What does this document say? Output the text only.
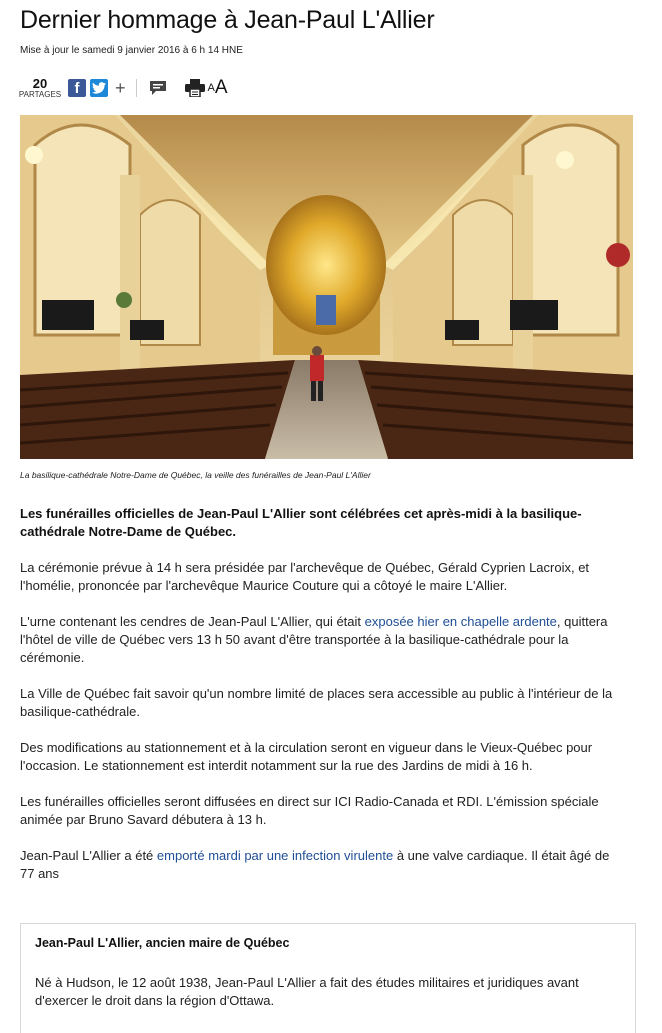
Dernier hommage à Jean-Paul L'Allier
Mise à jour le samedi 9 janvier 2016 à 6 h 14 HNE
20
PARTAGES f	+	A A
La basilique-cathédrale Notre-Dame de Québec, la veille des funérailles de Jean-Paul L'Allier

Les funérailles officielles de Jean-Paul L'Allier sont célébrées cet après-midi à la basilique-cathédrale Notre-Dame de Québec.

La cérémonie prévue à 14 h sera présidée par l'archevêque de Québec, Gérald Cyprien Lacroix, et l'homélie, prononcée par l'archevêque Maurice Couture qui a côtoyé le maire L'Allier.

L'urne contenant les cendres de Jean-Paul L'Allier, qui était exposée hier en chapelle ardente, quittera l'hôtel de ville de Québec vers 13 h 50 avant d'être transportée à la basilique-cathédrale pour la cérémonie.

La Ville de Québec fait savoir qu'un nombre limité de places sera accessible au public à l'intérieur de la basilique-cathédrale.

Des modifications au stationnement et à la circulation seront en vigueur dans le Vieux-Québec pour l'occasion. Le stationnement est interdit notamment sur la rue des Jardins de midi à 16 h.

Les funérailles officielles seront diffusées en direct sur ICI Radio-Canada et RDI. L'émission spéciale animée par Bruno Savard débutera à 13 h.

Jean-Paul L'Allier a été emporté mardi par une infection virulente à une valve cardiaque. Il était âgé de 77 ans

Jean-Paul L'Allier, ancien maire de Québec

Né à Hudson, le 12 août 1938, Jean-Paul L'Allier a fait des études militaires et juridiques avant d'exercer le droit dans la région d'Ottawa.
